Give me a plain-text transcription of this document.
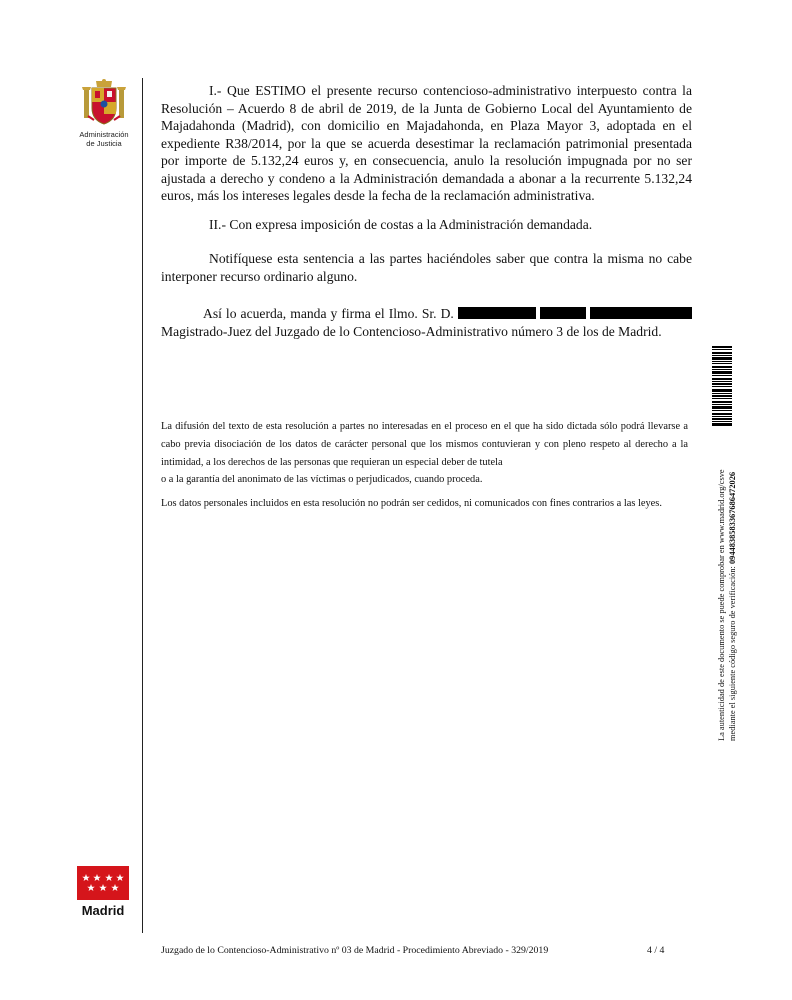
Administración
de Justicia
Madrid

I.- Que ESTIMO el presente recurso contencioso-administrativo interpuesto contra la Resolución – Acuerdo 8 de abril de 2019, de la Junta de Gobierno Local del Ayuntamiento de Majadahonda (Madrid), con domicilio en Majadahonda, en Plaza Mayor 3, adoptada en el expediente R38/2014, por la que se acuerda desestimar la reclamación patrimonial presentada por importe de 5.132,24 euros y, en consecuencia, anulo la resolución impugnada por no ser ajustada a derecho y condeno a la Administración demandada a abonar a la recurrente 5.132,24 euros, más los intereses legales desde la fecha de la reclamación administrativa.

II.- Con expresa imposición de costas a la Administración demandada.

Notifíquese esta sentencia a las partes haciéndoles saber que contra la misma no cabe interponer recurso ordinario alguno.

Así lo acuerda, manda y firma el Ilmo. Sr. D.    Magistrado-Juez del Juzgado de lo Contencioso-Administrativo número 3 de los de Madrid.

La difusión del texto de esta resolución a partes no interesadas en el proceso en el que ha sido dictada sólo podrá llevarse a cabo previa disociación de los datos de carácter personal que los mismos contuvieran y con pleno respeto al derecho a la intimidad, a los derechos de las personas que requieran un especial deber de tutela

o a la garantía del anonimato de las víctimas o perjudicados, cuando proceda.

Los datos personales incluidos en esta resolución no podrán ser cedidos, ni comunicados con fines contrarios a las leyes.	La autenticidad de este documento se puede comprobar en www.madrid.org/csve mediante el siguiente código seguro de verificación: 0944838583367686472026
Juzgado de lo Contencioso-Administrativo nº 03 de Madrid - Procedimiento Abreviado - 329/2019	4 / 4
